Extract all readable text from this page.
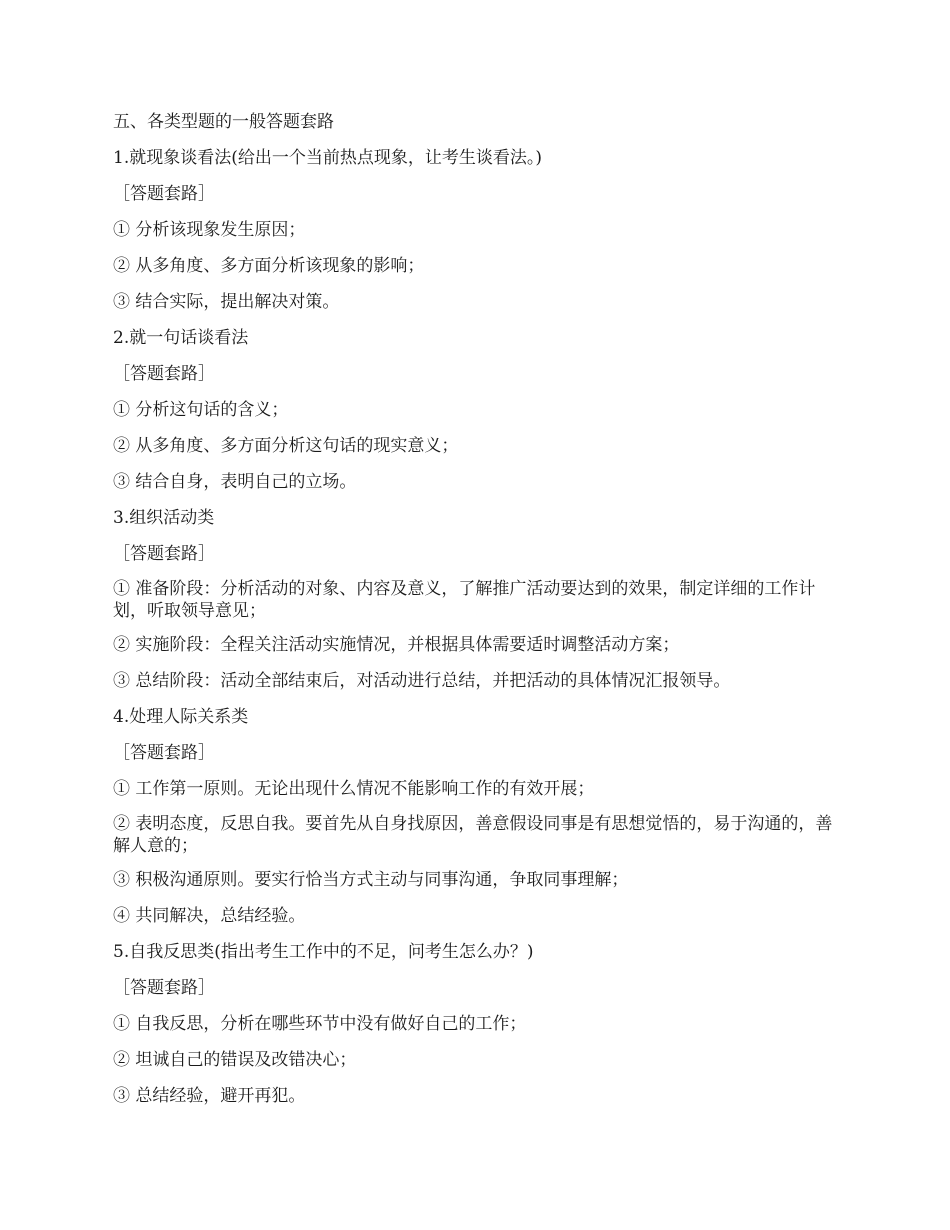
五、各类型题的一般答题套路

1.就现象谈看法(给出一个当前热点现象，让考生谈看法。)

［答题套路］

① 分析该现象发生原因；

② 从多角度、多方面分析该现象的影响；

③ 结合实际，提出解决对策。

2.就一句话谈看法

［答题套路］

① 分析这句话的含义；

② 从多角度、多方面分析这句话的现实意义；

③ 结合自身，表明自己的立场。

3.组织活动类

［答题套路］

① 准备阶段：分析活动的对象、内容及意义，了解推广活动要达到的效果，制定详细的工作计划，听取领导意见；

② 实施阶段：全程关注活动实施情况，并根据具体需要适时调整活动方案；

③ 总结阶段：活动全部结束后，对活动进行总结，并把活动的具体情况汇报领导。

4.处理人际关系类

［答题套路］

① 工作第一原则。无论出现什么情况不能影响工作的有效开展；

② 表明态度，反思自我。要首先从自身找原因，善意假设同事是有思想觉悟的，易于沟通的，善解人意的；

③ 积极沟通原则。要实行恰当方式主动与同事沟通，争取同事理解；

④ 共同解决，总结经验。

5.自我反思类(指出考生工作中的不足，问考生怎么办？)

［答题套路］

① 自我反思，分析在哪些环节中没有做好自己的工作；

② 坦诚自己的错误及改错决心；

③ 总结经验，避开再犯。
